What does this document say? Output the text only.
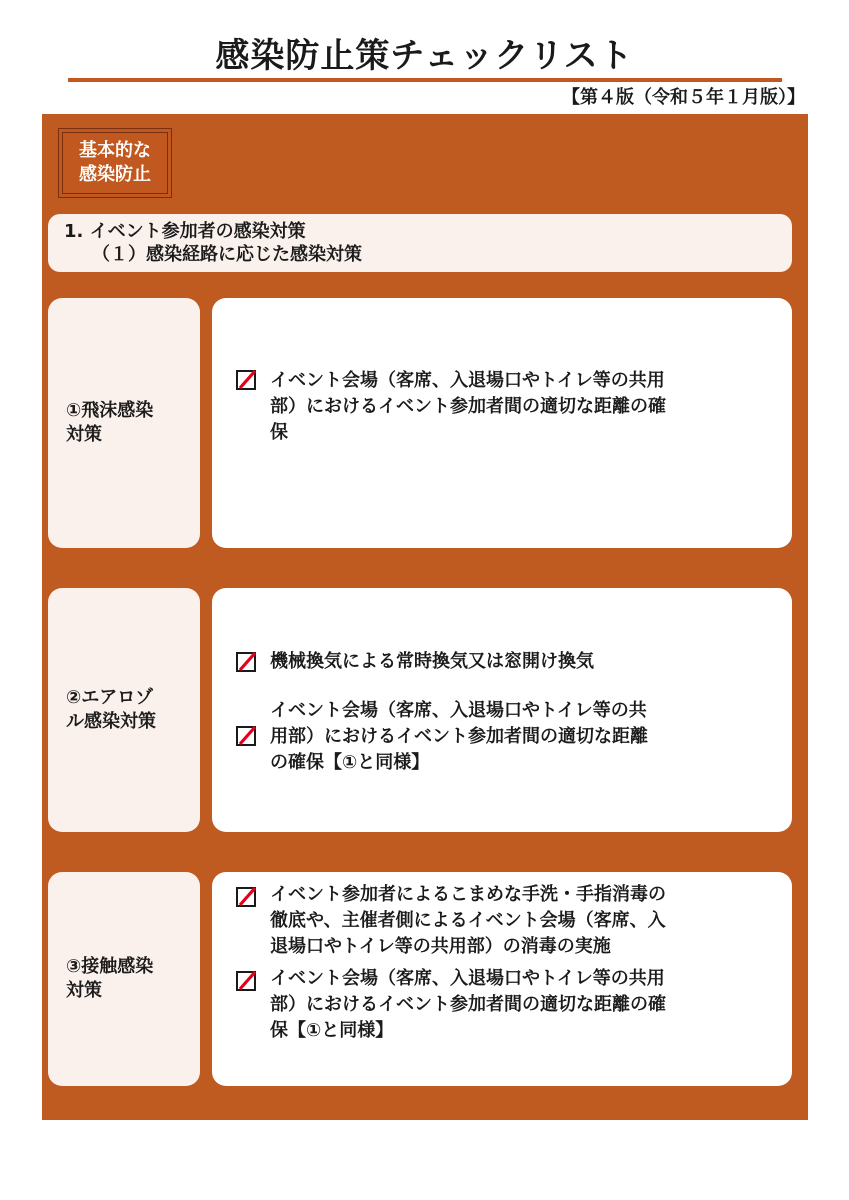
感染防止策チェックリスト
【第４版（令和５年１月版）】
基本的な
感染防止
1. イベント参加者の感染対策
（１）感染経路に応じた感染対策
①飛沫感染
対策
イベント会場（客席、入退場口やトイレ等の共用
部）におけるイベント参加者間の適切な距離の確
保
②エアロゾ
ル感染対策
機械換気による常時換気又は窓開け換気
イベント会場（客席、入退場口やトイレ等の共
用部）におけるイベント参加者間の適切な距離
の確保【①と同様】
③接触感染
対策
イベント参加者によるこまめな手洗・手指消毒の
徹底や、主催者側によるイベント会場（客席、入
退場口やトイレ等の共用部）の消毒の実施
イベント会場（客席、入退場口やトイレ等の共用
部）におけるイベント参加者間の適切な距離の確
保【①と同様】
